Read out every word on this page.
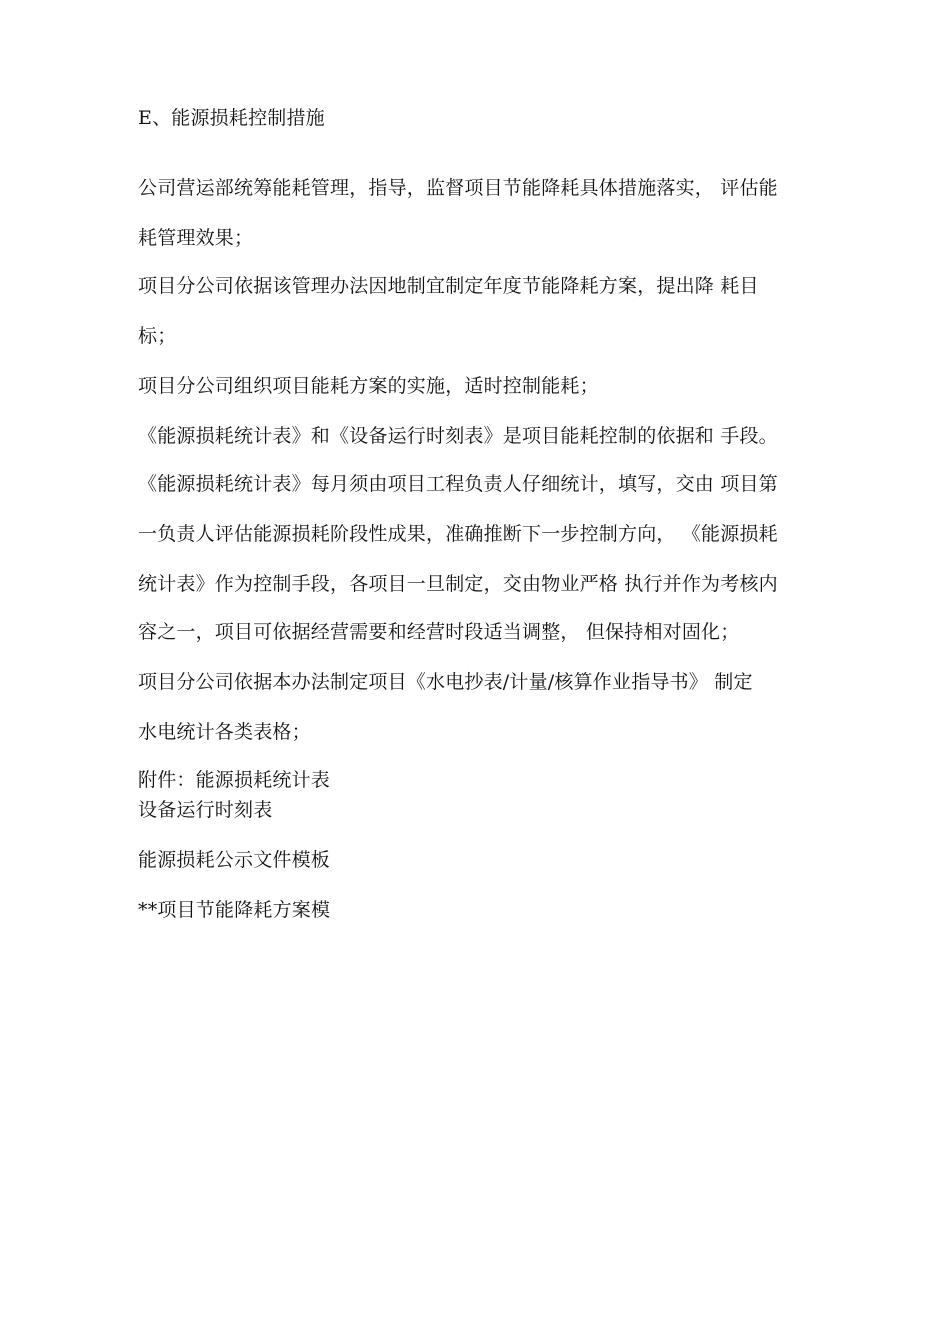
E、能源损耗控制措施
公司营运部统筹能耗管理，指导，监督项目节能降耗具体措施落实， 评估能
耗管理效果；
项目分公司依据该管理办法因地制宜制定年度节能降耗方案，提出降 耗目
标；
项目分公司组织项目能耗方案的实施，适时控制能耗；
《能源损耗统计表》和《设备运行时刻表》是项目能耗控制的依据和 手段。
《能源损耗统计表》每月须由项目工程负责人仔细统计，填写，交由 项目第
一负责人评估能源损耗阶段性成果，准确推断下一步控制方向， 《能源损耗
统计表》作为控制手段，各项目一旦制定，交由物业严格 执行并作为考核内
容之一，项目可依据经营需要和经营时段适当调整， 但保持相对固化；
项目分公司依据本办法制定项目《水电抄表/计量/核算作业指导书》 制定
水电统计各类表格；
附件：能源损耗统计表
设备运行时刻表
能源损耗公示文件模板
**项目节能降耗方案模
